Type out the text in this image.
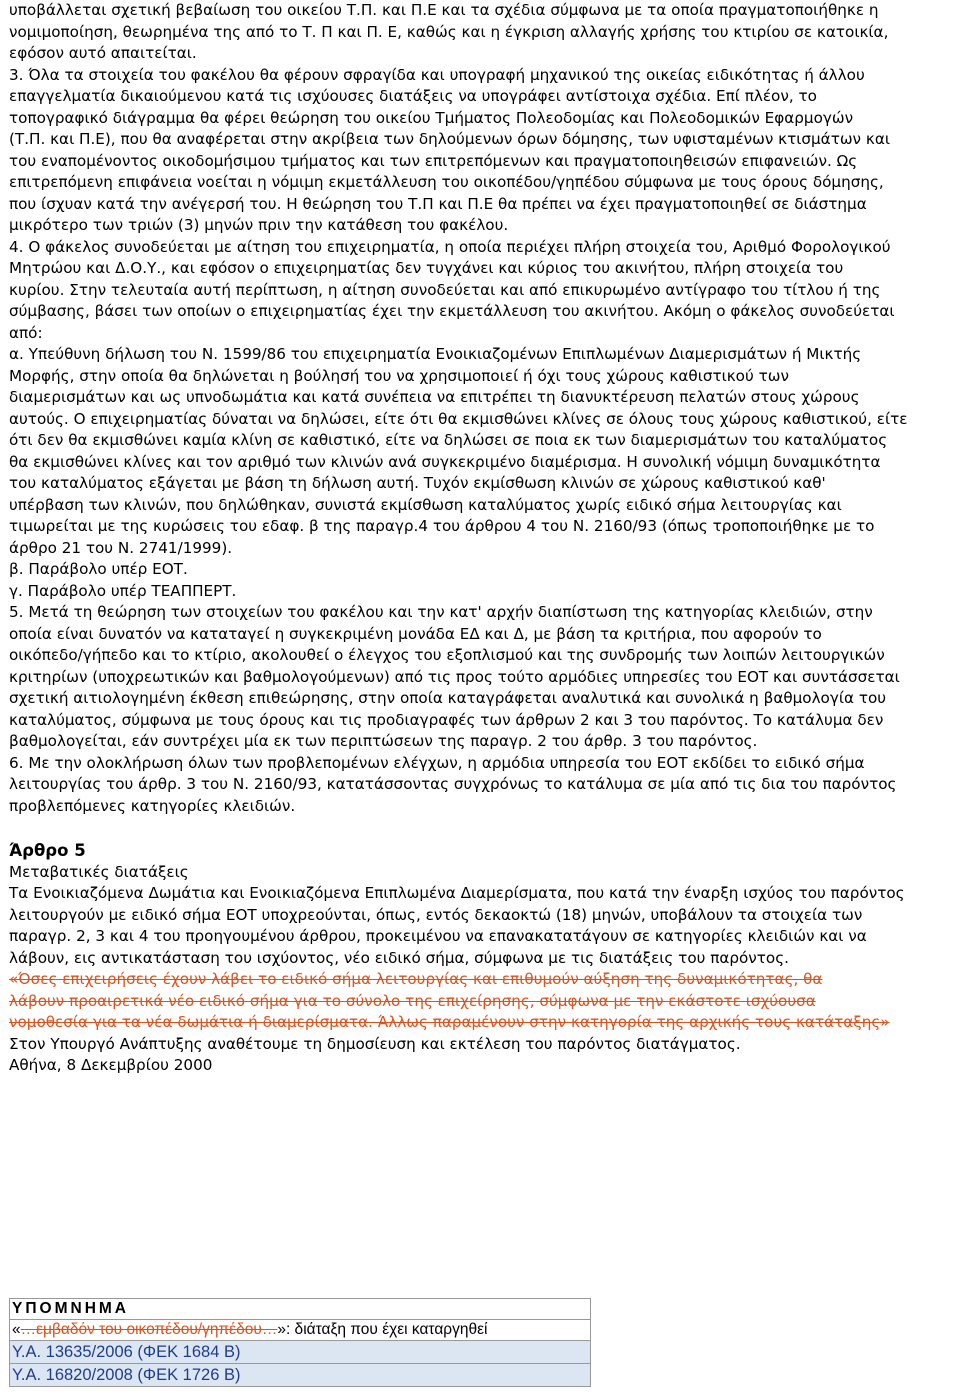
υποβάλλεται σχετική βεβαίωση του οικείου Τ.Π. και Π.Ε και τα σχέδια σύμφωνα με τα οποία πραγματοποιήθηκε η
νομιμοποίηση, θεωρημένα της από το Τ. Π και Π. Ε, καθώς και η έγκριση αλλαγής χρήσης του κτιρίου σε κατοικία,
εφόσον αυτό απαιτείται.

3. Όλα τα στοιχεία του φακέλου θα φέρουν σφραγίδα και υπογραφή μηχανικού της οικείας ειδικότητας ή άλλου
επαγγελματία δικαιούμενου κατά τις ισχύουσες διατάξεις να υπογράφει αντίστοιχα σχέδια. Επί πλέον, το
τοπογραφικό διάγραμμα θα φέρει θεώρηση του οικείου Τμήματος Πολεοδομίας και Πολεοδομικών Εφαρμογών
(Τ.Π. και Π.Ε), που θα αναφέρεται στην ακρίβεια των δηλούμενων όρων δόμησης, των υφισταμένων κτισμάτων και
του εναπομένοντος οικοδομήσιμου τμήματος και των επιτρεπόμενων και πραγματοποιηθεισών επιφανειών. Ως
επιτρεπόμενη επιφάνεια νοείται η νόμιμη εκμετάλλευση του οικοπέδου/γηπέδου σύμφωνα με τους όρους δόμησης,
που ίσχυαν κατά την ανέγερσή του. Η θεώρηση του Τ.Π και Π.Ε θα πρέπει να έχει πραγματοποιηθεί σε διάστημα
μικρότερο των τριών (3) μηνών πριν την κατάθεση του φακέλου.

4. Ο φάκελος συνοδεύεται με αίτηση του επιχειρηματία, η οποία περιέχει πλήρη στοιχεία του, Αριθμό Φορολογικού
Μητρώου και Δ.Ο.Υ., και εφόσον ο επιχειρηματίας δεν τυγχάνει και κύριος του ακινήτου, πλήρη στοιχεία του
κυρίου. Στην τελευταία αυτή περίπτωση, η αίτηση συνοδεύεται και από επικυρωμένο αντίγραφο του τίτλου ή της
σύμβασης, βάσει των οποίων ο επιχειρηματίας έχει την εκμετάλλευση του ακινήτου. Ακόμη ο φάκελος συνοδεύεται
από:

α. Υπεύθυνη δήλωση του Ν. 1599/86 του επιχειρηματία Ενοικιαζομένων Επιπλωμένων Διαμερισμάτων ή Μικτής
Μορφής, στην οποία θα δηλώνεται η βούλησή του να χρησιμοποιεί ή όχι τους χώρους καθιστικού των
διαμερισμάτων και ως υπνοδωμάτια και κατά συνέπεια να επιτρέπει τη διανυκτέρευση πελατών στους χώρους
αυτούς. Ο επιχειρηματίας δύναται να δηλώσει, είτε ότι θα εκμισθώνει κλίνες σε όλους τους χώρους καθιστικού, είτε
ότι δεν θα εκμισθώνει καμία κλίνη σε καθιστικό, είτε να δηλώσει σε ποια εκ των διαμερισμάτων του καταλύματος
θα εκμισθώνει κλίνες και τον αριθμό των κλινών ανά συγκεκριμένο διαμέρισμα. Η συνολική νόμιμη δυναμικότητα
του καταλύματος εξάγεται με βάση τη δήλωση αυτή. Τυχόν εκμίσθωση κλινών σε χώρους καθιστικού καθ'
υπέρβαση των κλινών, που δηλώθηκαν, συνιστά εκμίσθωση καταλύματος χωρίς ειδικό σήμα λειτουργίας και
τιμωρείται με της κυρώσεις του εδαφ. β της παραγρ.4 του άρθρου 4 του Ν. 2160/93 (όπως τροποποιήθηκε με το
άρθρο 21 του Ν. 2741/1999).

β. Παράβολο υπέρ ΕΟΤ.

γ. Παράβολο υπέρ ΤΕΑΠΠΕΡΤ.

5. Μετά τη θεώρηση των στοιχείων του φακέλου και την κατ' αρχήν διαπίστωση της κατηγορίας κλειδιών, στην
οποία είναι δυνατόν να καταταγεί η συγκεκριμένη μονάδα ΕΔ και Δ, με βάση τα κριτήρια, που αφορούν το
οικόπεδο/γήπεδο και το κτίριο, ακολουθεί ο έλεγχος του εξοπλισμού και της συνδρομής των λοιπών λειτουργικών
κριτηρίων (υποχρεωτικών και βαθμολογούμενων) από τις προς τούτο αρμόδιες υπηρεσίες του ΕΟΤ και συντάσσεται
σχετική αιτιολογημένη έκθεση επιθεώρησης, στην οποία καταγράφεται αναλυτικά και συνολικά η βαθμολογία του
καταλύματος, σύμφωνα με τους όρους και τις προδιαγραφές των άρθρων 2 και 3 του παρόντος. Το κατάλυμα δεν
βαθμολογείται, εάν συντρέχει μία εκ των περιπτώσεων της παραγρ. 2 του άρθρ. 3 του παρόντος.

6. Με την ολοκλήρωση όλων των προβλεπομένων ελέγχων, η αρμόδια υπηρεσία του ΕΟΤ εκδίδει το ειδικό σήμα
λειτουργίας του άρθρ. 3 του Ν. 2160/93, κατατάσσοντας συγχρόνως το κατάλυμα σε μία από τις δια του παρόντος
προβλεπόμενες κατηγορίες κλειδιών.

Άρθρο 5

Μεταβατικές διατάξεις

Τα Ενοικιαζόμενα Δωμάτια και Ενοικιαζόμενα Επιπλωμένα Διαμερίσματα, που κατά την έναρξη ισχύος του παρόντος
λειτουργούν με ειδικό σήμα ΕΟΤ υποχρεούνται, όπως, εντός δεκαοκτώ (18) μηνών, υποβάλουν τα στοιχεία των
παραγρ. 2, 3 και 4 του προηγουμένου άρθρου, προκειμένου να επανακατατάγουν σε κατηγορίες κλειδιών και να
λάβουν, εις αντικατάσταση του ισχύοντος, νέο ειδικό σήμα, σύμφωνα με τις διατάξεις του παρόντος.

«Όσες επιχειρήσεις έχουν λάβει το ειδικό σήμα λειτουργίας και επιθυμούν αύξηση της δυναμικότητας, θα
λάβουν προαιρετικά νέο ειδικό σήμα για το σύνολο της επιχείρησης, σύμφωνα με την εκάστοτε ισχύουσα
νομοθεσία για τα νέα δωμάτια ή διαμερίσματα. Άλλως παραμένουν στην κατηγορία της αρχικής τους κατάταξης»

Στον Υπουργό Ανάπτυξης αναθέτουμε τη δημοσίευση και εκτέλεση του παρόντος διατάγματος.

Αθήνα, 8 Δεκεμβρίου 2000

ΥΠΟΜΝΗΜΑ
«…εμβαδόν του οικοπέδου/γηπέδου…»: διάταξη που έχει καταργηθεί
Υ.Α. 13635/2006 (ΦΕΚ 1684 Β)
Υ.Α. 16820/2008 (ΦΕΚ 1726 Β)
